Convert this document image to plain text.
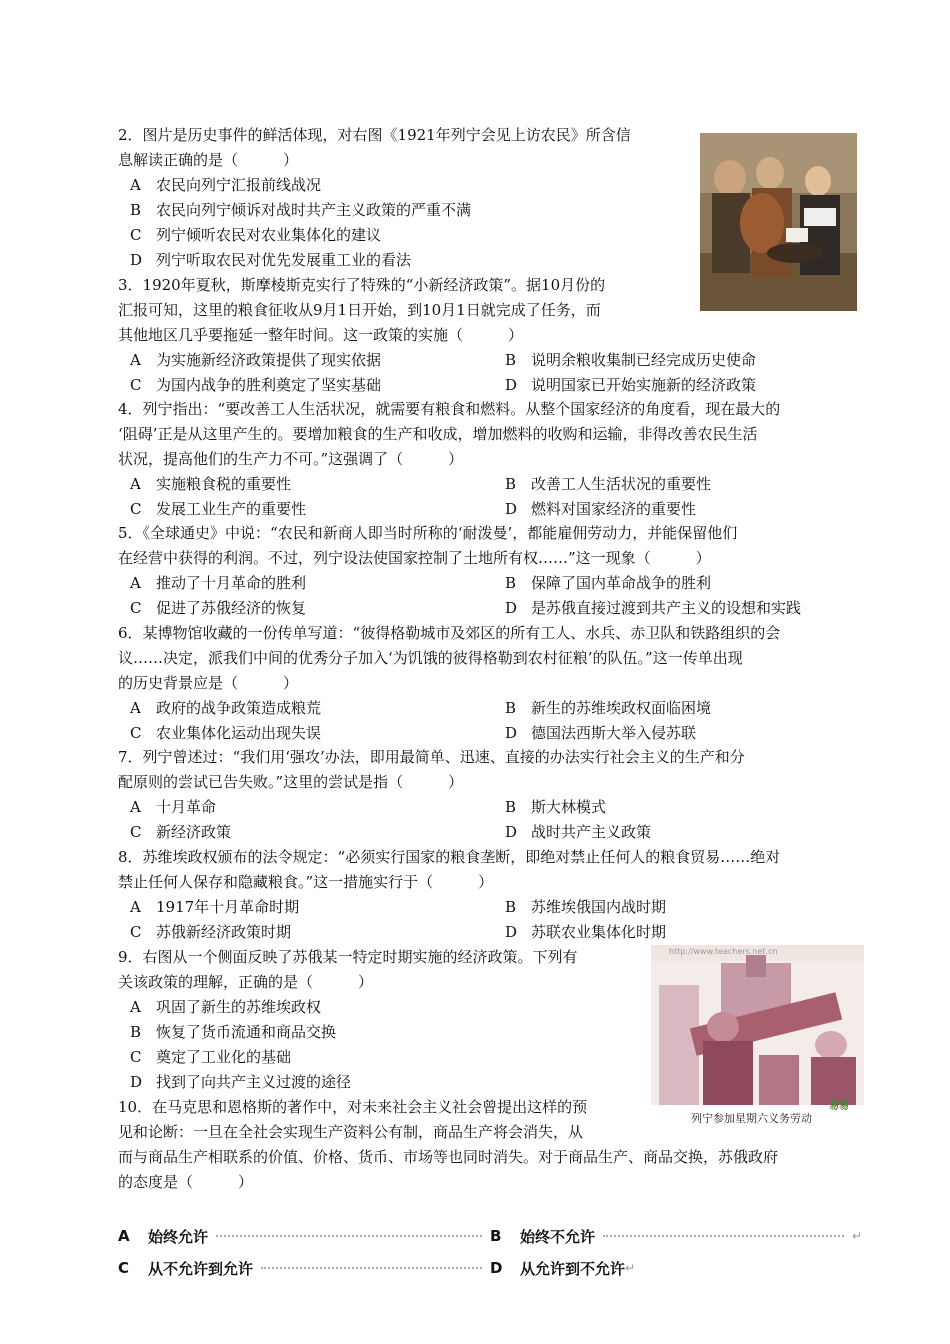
http://www.teachers.net.cn
列宁参加星期六义务劳动
易易

2．图片是历史事件的鲜活体现，对右图《1921年列宁会见上访农民》所含信

息解读正确的是（　　　）

A 农民向列宁汇报前线战况
B 农民向列宁倾诉对战时共产主义政策的严重不满
C 列宁倾听农民对农业集体化的建议
D 列宁听取农民对优先发展重工业的看法

3．1920年夏秋，斯摩棱斯克实行了特殊的“小新经济政策”。据10月份的

汇报可知，这里的粮食征收从9月1日开始，到10月1日就完成了任务，而

其他地区几乎要拖延一整年时间。这一政策的实施（　　　）

A 为实施新经济政策提供了现实依据	B 说明余粮收集制已经完成历史使命
C 为国内战争的胜利奠定了坚实基础	D 说明国家已开始实施新的经济政策

4．列宁指出：“要改善工人生活状况，就需要有粮食和燃料。从整个国家经济的角度看，现在最大的

‘阻碍’正是从这里产生的。要增加粮食的生产和收成，增加燃料的收购和运输，非得改善农民生活

状况，提高他们的生产力不可。”这强调了（　　　）

A 实施粮食税的重要性	B 改善工人生活状况的重要性
C 发展工业生产的重要性	D 燃料对国家经济的重要性

5．《全球通史》中说：“农民和新商人即当时所称的‘耐泼曼’，都能雇佣劳动力，并能保留他们

在经营中获得的利润。不过，列宁设法使国家控制了土地所有权……”这一现象（　　　）

A 推动了十月革命的胜利	B 保障了国内革命战争的胜利
C 促进了苏俄经济的恢复	D 是苏俄直接过渡到共产主义的设想和实践

6．某博物馆收藏的一份传单写道：“彼得格勒城市及郊区的所有工人、水兵、赤卫队和铁路组织的会

议……决定，派我们中间的优秀分子加入‘为饥饿的彼得格勒到农村征粮’的队伍。”这一传单出现

的历史背景应是（　　　）

A 政府的战争政策造成粮荒	B 新生的苏维埃政权面临困境
C 农业集体化运动出现失误	D 德国法西斯大举入侵苏联

7．列宁曾述过：“我们用‘强攻’办法，即用最简单、迅速、直接的办法实行社会主义的生产和分

配原则的尝试已告失败。”这里的尝试是指（　　　）

A 十月革命	B 斯大林模式
C 新经济政策	D 战时共产主义政策

8．苏维埃政权颁布的法令规定：“必须实行国家的粮食垄断，即绝对禁止任何人的粮食贸易……绝对

禁止任何人保存和隐藏粮食。”这一措施实行于（　　　）

A 1917年十月革命时期	B 苏维埃俄国内战时期
C 苏俄新经济政策时期	D 苏联农业集体化时期

9．右图从一个侧面反映了苏俄某一特定时期实施的经济政策。下列有

关该政策的理解，正确的是（　　　）

A 巩固了新生的苏维埃政权
B 恢复了货币流通和商品交换
C 奠定了工业化的基础
D 找到了向共产主义过渡的途径

10．在马克思和恩格斯的著作中，对未来社会主义社会曾提出这样的预

见和论断：一旦在全社会实现生产资料公有制，商品生产将会消失，从

而与商品生产相联系的价值、价格、货币、市场等也同时消失。对于商品生产、商品交换，苏俄政府

的态度是（　　　）

A	始终允许	B	始终不允许	↵
C	从不允许到允许	D	从允许到不允许 ↵
